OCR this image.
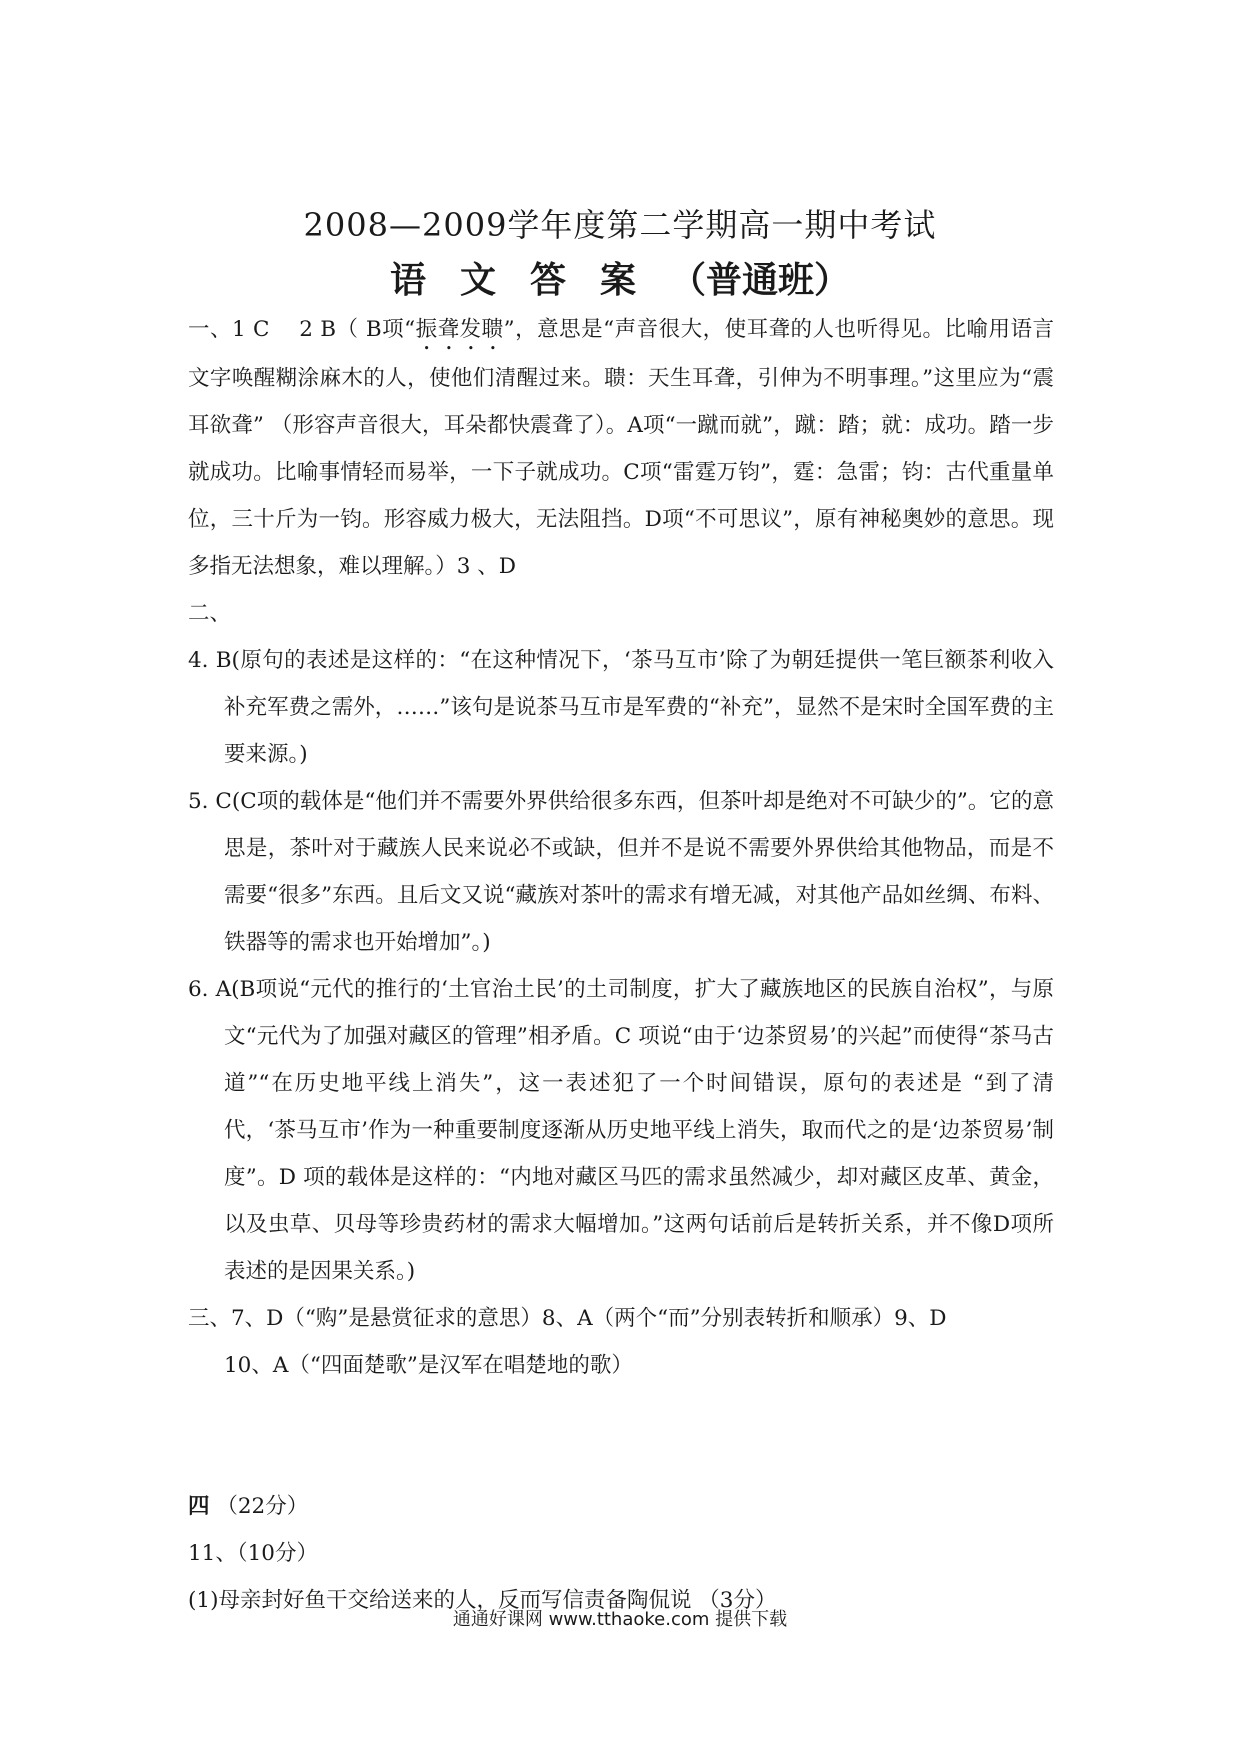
2008—2009学年度第二学期高一期中考试
语文答案（普通班）

一、1 C　 2 B（ B项“振聋发聩”，意思是“声音很大，使耳聋的人也听得见。比喻用语言文字唤醒糊涂麻木的人，使他们清醒过来。聩：天生耳聋，引伸为不明事理。”这里应为“震耳欲聋” （形容声音很大，耳朵都快震聋了）。A项“一蹴而就”，蹴：踏；就：成功。踏一步就成功。比喻事情轻而易举，一下子就成功。C项“雷霆万钧”，霆：急雷；钧：古代重量单位，三十斤为一钧。形容威力极大，无法阻挡。D项“不可思议”，原有神秘奥妙的意思。现多指无法想象，难以理解。）3 、D

二、

4. B(原句的表述是这样的：“在这种情况下，‘茶马互市’除了为朝廷提供一笔巨额茶利收入补充军费之需外，……”该句是说茶马互市是军费的“补充”，显然不是宋时全国军费的主要来源。)

5. C(C项的载体是“他们并不需要外界供给很多东西，但茶叶却是绝对不可缺少的”。它的意思是，茶叶对于藏族人民来说必不或缺，但并不是说不需要外界供给其他物品，而是不需要“很多”东西。且后文又说“藏族对茶叶的需求有增无减，对其他产品如丝绸、布料、铁器等的需求也开始增加”。)

6. A(B项说“元代的推行的‘土官治土民’的土司制度，扩大了藏族地区的民族自治权”，与原文“元代为了加强对藏区的管理”相矛盾。C 项说“由于‘边茶贸易’的兴起”而使得“茶马古道”“在历史地平线上消失”，这一表述犯了一个时间错误，原句的表述是 “到了清代，‘茶马互市’作为一种重要制度逐渐从历史地平线上消失，取而代之的是‘边茶贸易’制度”。D 项的载体是这样的：“内地对藏区马匹的需求虽然减少，却对藏区皮革、黄金，以及虫草、贝母等珍贵药材的需求大幅增加。”这两句话前后是转折关系，并不像D项所表述的是因果关系。)

三、7、D（“购”是悬赏征求的意思）8、A（两个“而”分别表转折和顺承）9、D

10、A（“四面楚歌”是汉军在唱楚地的歌）

四 （22分）

11、（10分）

(1)母亲封好鱼干交给送来的人，反而写信责备陶侃说 （3分）

通通好课网 www.tthaoke.com 提供下载
